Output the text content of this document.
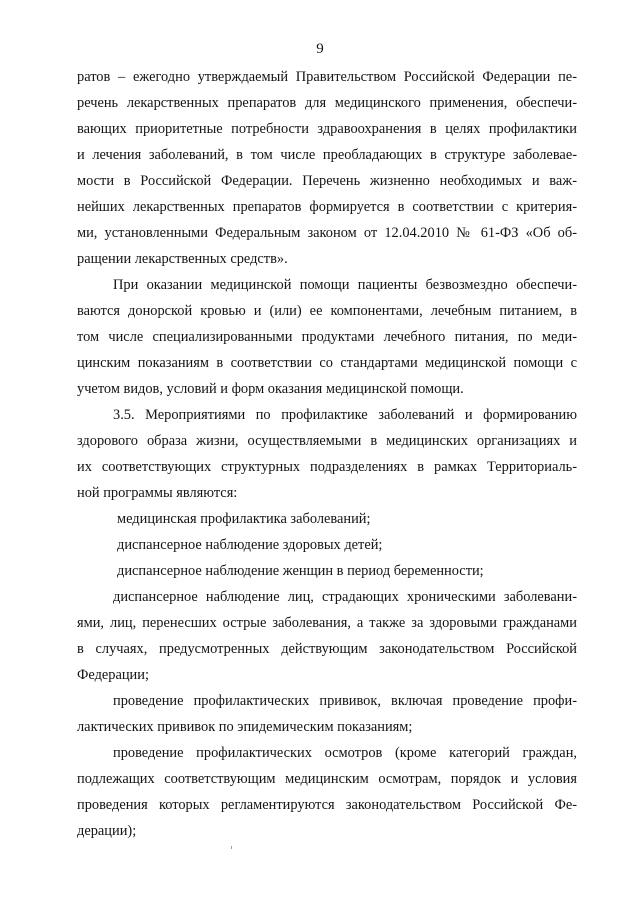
9
ратов – ежегодно утверждаемый Правительством Российской Федерации пе-
речень лекарственных препаратов для медицинского применения, обеспечи-
вающих приоритетные потребности здравоохранения в целях профилактики
и лечения заболеваний, в том числе преобладающих в структуре заболевае-
мости в Российской Федерации. Перечень жизненно необходимых и важ-
нейших лекарственных препаратов формируется в соответствии с критерия-
ми, установленными Федеральным законом от 12.04.2010 № 61-ФЗ «Об об-
ращении лекарственных средств».
При оказании медицинской помощи пациенты безвозмездно обеспечи-
ваются донорской кровью и (или) ее компонентами, лечебным питанием, в
том числе специализированными продуктами лечебного питания, по меди-
цинским показаниям в соответствии со стандартами медицинской помощи с
учетом видов, условий и форм оказания медицинской помощи.
3.5. Мероприятиями по профилактике заболеваний и формированию
здорового образа жизни, осуществляемыми в медицинских организациях и
их соответствующих структурных подразделениях в рамках Территориаль-
ной программы являются:
медицинская профилактика заболеваний;
диспансерное наблюдение здоровых детей;
диспансерное наблюдение женщин в период беременности;
диспансерное наблюдение лиц, страдающих хроническими заболевани-
ями, лиц, перенесших острые заболевания, а также за здоровыми гражданами
в случаях, предусмотренных действующим законодательством Российской
Федерации;
проведение профилактических прививок, включая проведение профи-
лактических прививок по эпидемическим показаниям;
проведение профилактических осмотров (кроме категорий граждан,
подлежащих соответствующим медицинским осмотрам, порядок и условия
проведения которых регламентируются законодательством Российской Фе-
дерации);
